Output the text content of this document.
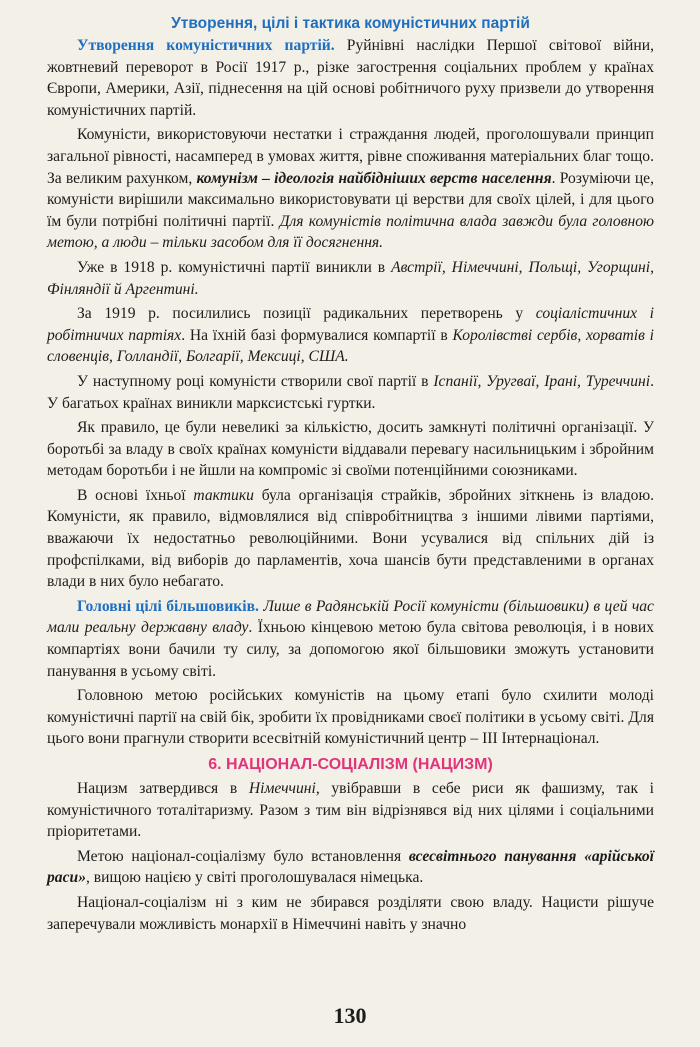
Утворення, цілі і тактика комуністичних партій

Утворення комуністичних партій. Руйнівні наслідки Першої світової війни, жовтневий переворот в Росії 1917 р., різке загострення соціальних проблем у країнах Європи, Америки, Азії, піднесення на цій основі робітничого руху призвели до утворення комуністичних партій.

Комуністи, використовуючи нестатки і страждання людей, проголошували принцип загальної рівності, насамперед в умовах життя, рівне споживання матеріальних благ тощо. За великим рахунком, комунізм – ідеологія найбідніших верств населення. Розуміючи це, комуністи вирішили максимально використовувати ці верстви для своїх цілей, і для цього їм були потрібні політичні партії. Для комуністів політична влада завжди була головною метою, а люди – тільки засобом для її досягнення.

Уже в 1918 р. комуністичні партії виникли в Австрії, Німеччині, Польщі, Угорщині, Фінляндії й Аргентині.

За 1919 р. посилились позиції радикальних перетворень у соціалістичних і робітничих партіях. На їхній базі формувалися компартії в Королівстві сербів, хорватів і словенців, Голландії, Болгарії, Мексиці, США.

У наступному році комуністи створили свої партії в Іспанії, Уругваї, Ірані, Туреччині. У багатьох країнах виникли марксистські гуртки.

Як правило, це були невеликі за кількістю, досить замкнуті політичні організації. У боротьбі за владу в своїх країнах комуністи віддавали перевагу насильницьким і збройним методам боротьби і не йшли на компроміс зі своїми потенційними союзниками.

В основі їхньої тактики була організація страйків, збройних зіткнень із владою. Комуністи, як правило, відмовлялися від співробітництва з іншими лівими партіями, вважаючи їх недостатньо революційними. Вони усувалися від спільних дій із профспілками, від виборів до парламентів, хоча шансів бути представленими в органах влади в них було небагато.

Головні цілі більшовиків. Лише в Радянській Росії комуністи (більшовики) в цей час мали реальну державну владу. Їхньою кінцевою метою була світова революція, і в нових компартіях вони бачили ту силу, за допомогою якої більшовики зможуть установити панування в усьому світі.

Головною метою російських комуністів на цьому етапі було схилити молоді комуністичні партії на свій бік, зробити їх провідниками своєї політики в усьому світі. Для цього вони прагнули створити всесвітній комуністичний центр – ІІІ Інтернаціонал.

6. НАЦІОНАЛ-СОЦІАЛІЗМ (НАЦИЗМ)

Нацизм затвердився в Німеччині, увібравши в себе риси як фашизму, так і комуністичного тоталітаризму. Разом з тим він відрізнявся від них цілями і соціальними пріоритетами.

Метою націонал-соціалізму було встановлення всесвітнього панування «арійської раси», вищою нацією у світі проголошувалася німецька.

Націонал-соціалізм ні з ким не збирався розділяти свою владу. Нацисти рішуче заперечували можливість монархії в Німеччині навіть у значно

130
